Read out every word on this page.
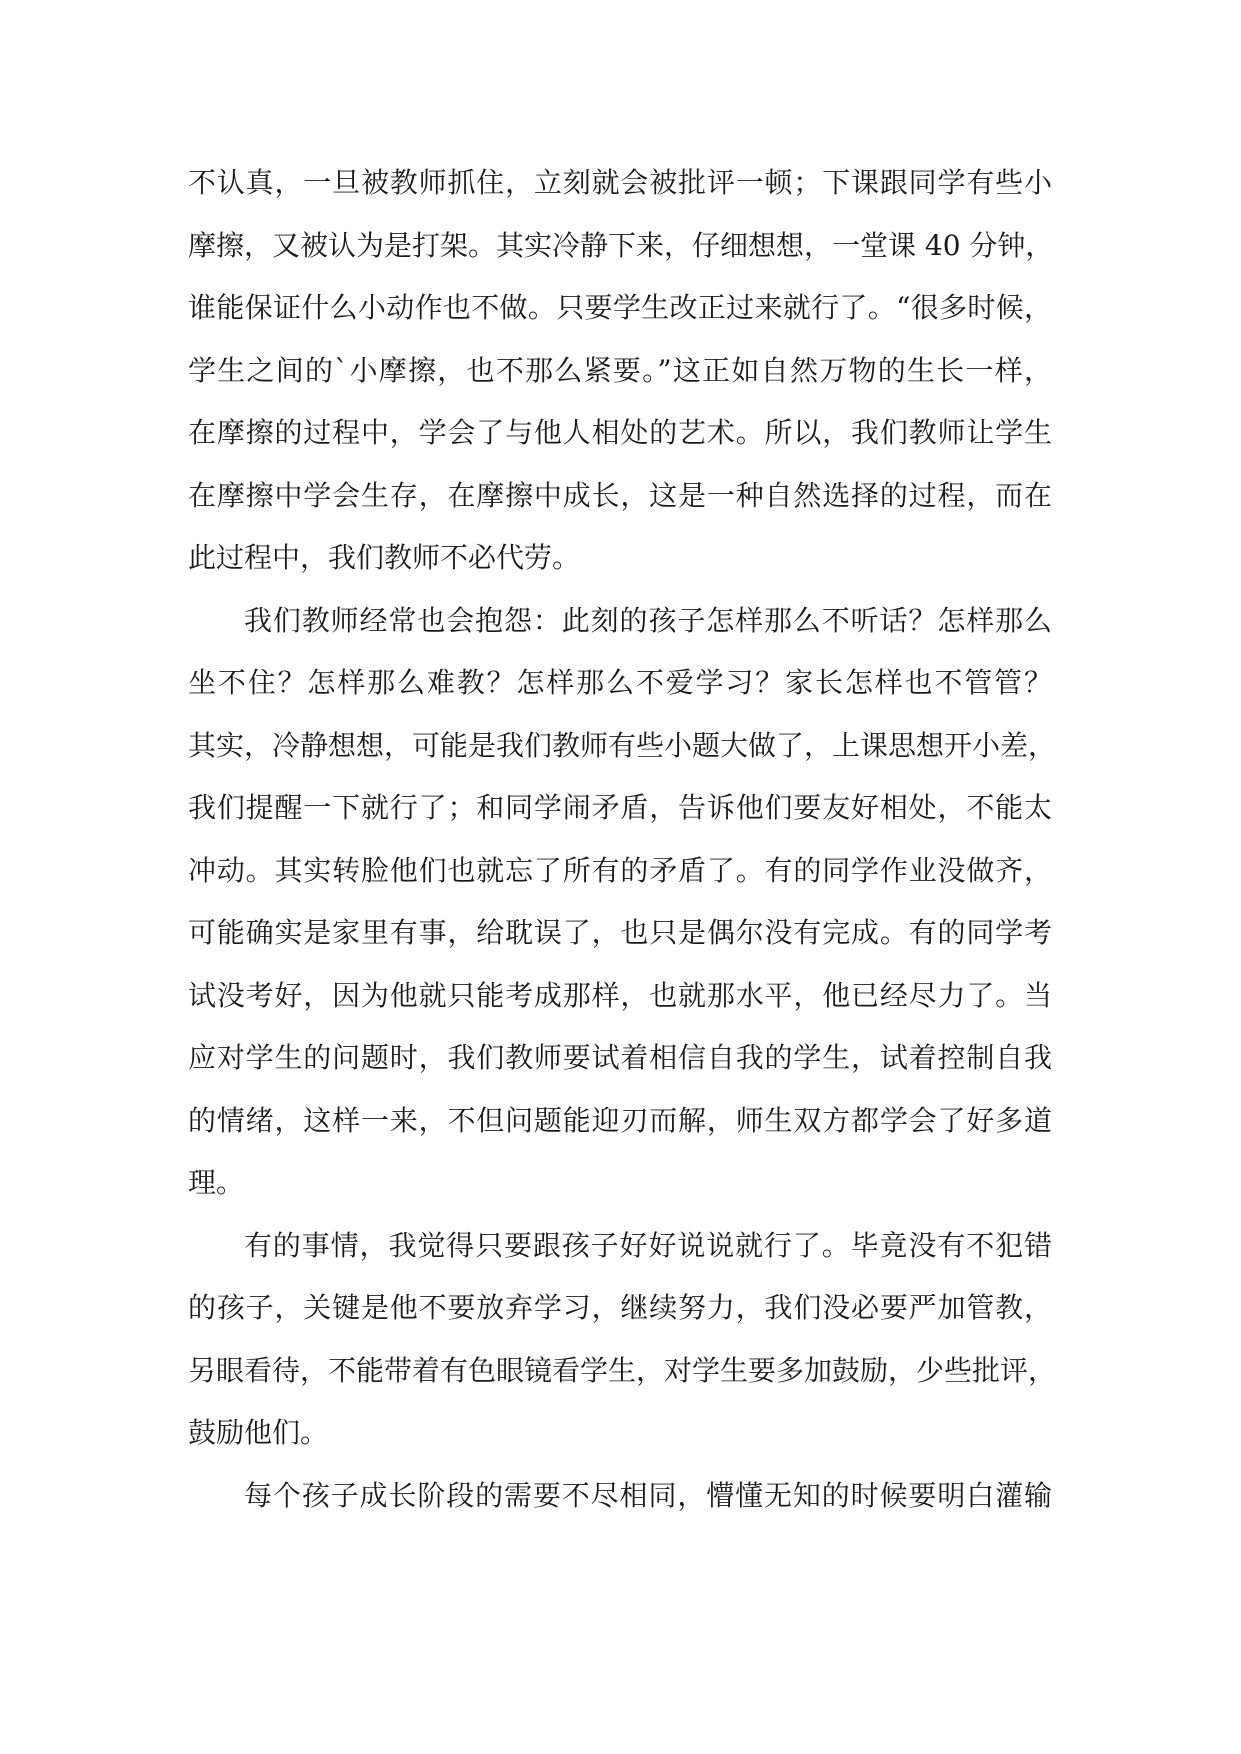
不认真，一旦被教师抓住，立刻就会被批评一顿；下课跟同学有些小
摩擦，又被认为是打架。其实冷静下来，仔细想想，一堂课 40 分钟，
谁能保证什么小动作也不做。只要学生改正过来就行了。“很多时候，
学生之间的`小摩擦，也不那么紧要。”这正如自然万物的生长一样，
在摩擦的过程中，学会了与他人相处的艺术。所以，我们教师让学生
在摩擦中学会生存，在摩擦中成长，这是一种自然选择的过程，而在
此过程中，我们教师不必代劳。
我们教师经常也会抱怨：此刻的孩子怎样那么不听话？怎样那么
坐不住？怎样那么难教？怎样那么不爱学习？家长怎样也不管管？
其实，冷静想想，可能是我们教师有些小题大做了，上课思想开小差，
我们提醒一下就行了；和同学闹矛盾，告诉他们要友好相处，不能太
冲动。其实转脸他们也就忘了所有的矛盾了。有的同学作业没做齐，
可能确实是家里有事，给耽误了，也只是偶尔没有完成。有的同学考
试没考好，因为他就只能考成那样，也就那水平，他已经尽力了。当
应对学生的问题时，我们教师要试着相信自我的学生，试着控制自我
的情绪，这样一来，不但问题能迎刃而解，师生双方都学会了好多道
理。
有的事情，我觉得只要跟孩子好好说说就行了。毕竟没有不犯错
的孩子，关键是他不要放弃学习，继续努力，我们没必要严加管教，
另眼看待，不能带着有色眼镜看学生，对学生要多加鼓励，少些批评，
鼓励他们。
每个孩子成长阶段的需要不尽相同，懵懂无知的时候要明白灌输
